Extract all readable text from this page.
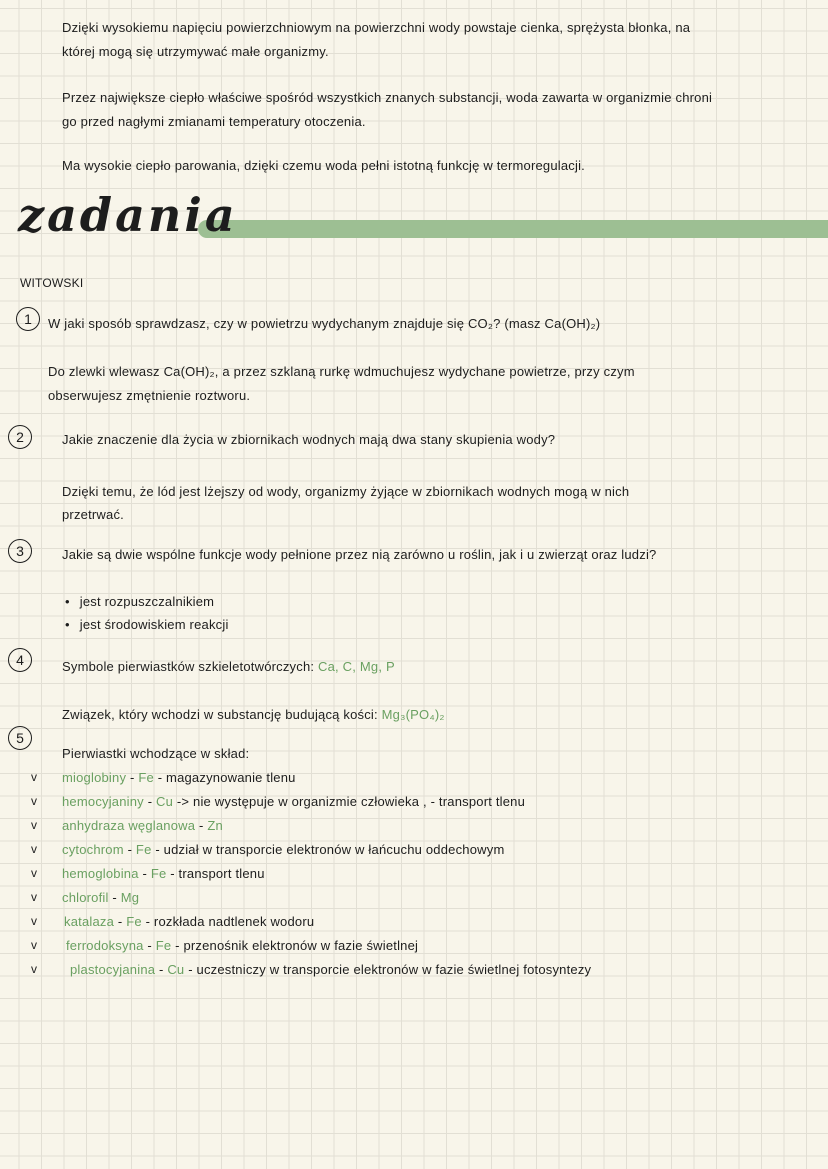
Dzięki wysokiemu napięciu powierzchniowym na powierzchni wody powstaje cienka, sprężysta błonka, na
której mogą się utrzymywać małe organizmy.
Przez największe ciepło właściwe spośród wszystkich znanych substancji, woda zawarta w organizmie chroni
go przed nagłymi zmianami temperatury otoczenia.
Ma wysokie ciepło parowania, dzięki czemu woda pełni istotną funkcję w termoregulacji.
zadania
WITOWSKI
1	W jaki sposób sprawdzasz, czy w powietrzu wydychanym znajduje się CO₂? (masz Ca(OH)₂)
Do zlewki wlewasz Ca(OH)₂, a przez szklaną rurkę wdmuchujesz wydychane powietrze, przy czym
obserwujesz zmętnienie roztworu.
2	Jakie znaczenie dla życia w zbiornikach wodnych mają dwa stany skupienia wody?
Dzięki temu, że lód jest lżejszy od wody, organizmy żyjące w zbiornikach wodnych mogą w nich
przetrwać.
3	Jakie są dwie wspólne funkcje wody pełnione przez nią zarówno u roślin, jak i u zwierząt oraz ludzi?
• jest rozpuszczalnikiem
• jest środowiskiem reakcji
4	Symbole pierwiastków szkieletotwórczych: Ca, C, Mg, P
Związek, który wchodzi w substancję budującą kości: Mg₃(PO₄)₂
5
Pierwiastki wchodzące w skład:
v mioglobiny - Fe - magazynowanie tlenu
v hemocyjaniny - Cu -> nie występuje w organizmie człowieka , - transport tlenu
v anhydraza węglanowa - Zn
v cytochrom - Fe - udział w transporcie elektronów w łańcuchu oddechowym
v hemoglobina - Fe - transport tlenu
v chlorofil - Mg
v katalaza - Fe - rozkłada nadtlenek wodoru
v ferrodoksyna - Fe - przenośnik elektronów w fazie świetlnej
v	plastocyjanina - Cu - uczestniczy w transporcie elektronów w fazie świetlnej fotosyntezy
